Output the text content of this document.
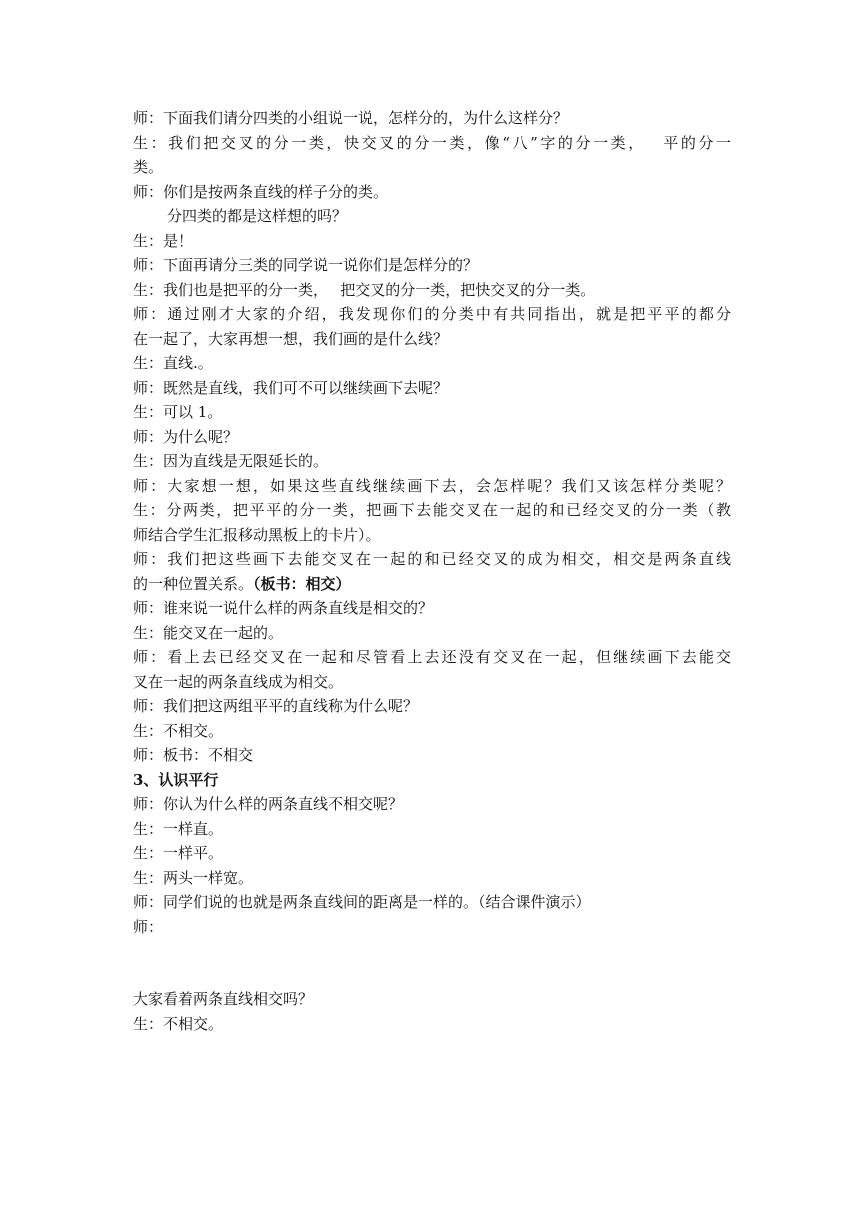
师：下面我们请分四类的小组说一说，怎样分的，为什么这样分？
生：我们把交叉的分一类，快交叉的分一类，像“八”字的分一类，　 平的分一
类。
师：你们是按两条直线的样子分的类。
分四类的都是这样想的吗？
生：是！
师：下面再请分三类的同学说一说你们是怎样分的？
生：我们也是把平的分一类，　 把交叉的分一类，把快交叉的分一类。
师：通过刚才大家的介绍，我发现你们的分类中有共同指出，就是把平平的都分
在一起了，大家再想一想，我们画的是什么线？
生：直线.。
师：既然是直线，我们可不可以继续画下去呢？
生：可以 1。
师：为什么呢？
生：因为直线是无限延长的。
师：大家想一想，如果这些直线继续画下去，会怎样呢？我们又该怎样分类呢？
生：分两类，把平平的分一类，把画下去能交叉在一起的和已经交叉的分一类（教
师结合学生汇报移动黑板上的卡片）。
师：我们把这些画下去能交叉在一起的和已经交叉的成为相交，相交是两条直线
的一种位置关系。（板书：相交）
师：谁来说一说什么样的两条直线是相交的？
生：能交叉在一起的。
师：看上去已经交叉在一起和尽管看上去还没有交叉在一起，但继续画下去能交
叉在一起的两条直线成为相交。
师：我们把这两组平平的直线称为什么呢？
生：不相交。
师：板书：不相交
3、认识平行
师：你认为什么样的两条直线不相交呢？
生：一样直。
生：一样平。
生：两头一样宽。
师：同学们说的也就是两条直线间的距离是一样的。（结合课件演示）
师：
大家看着两条直线相交吗？
生：不相交。
